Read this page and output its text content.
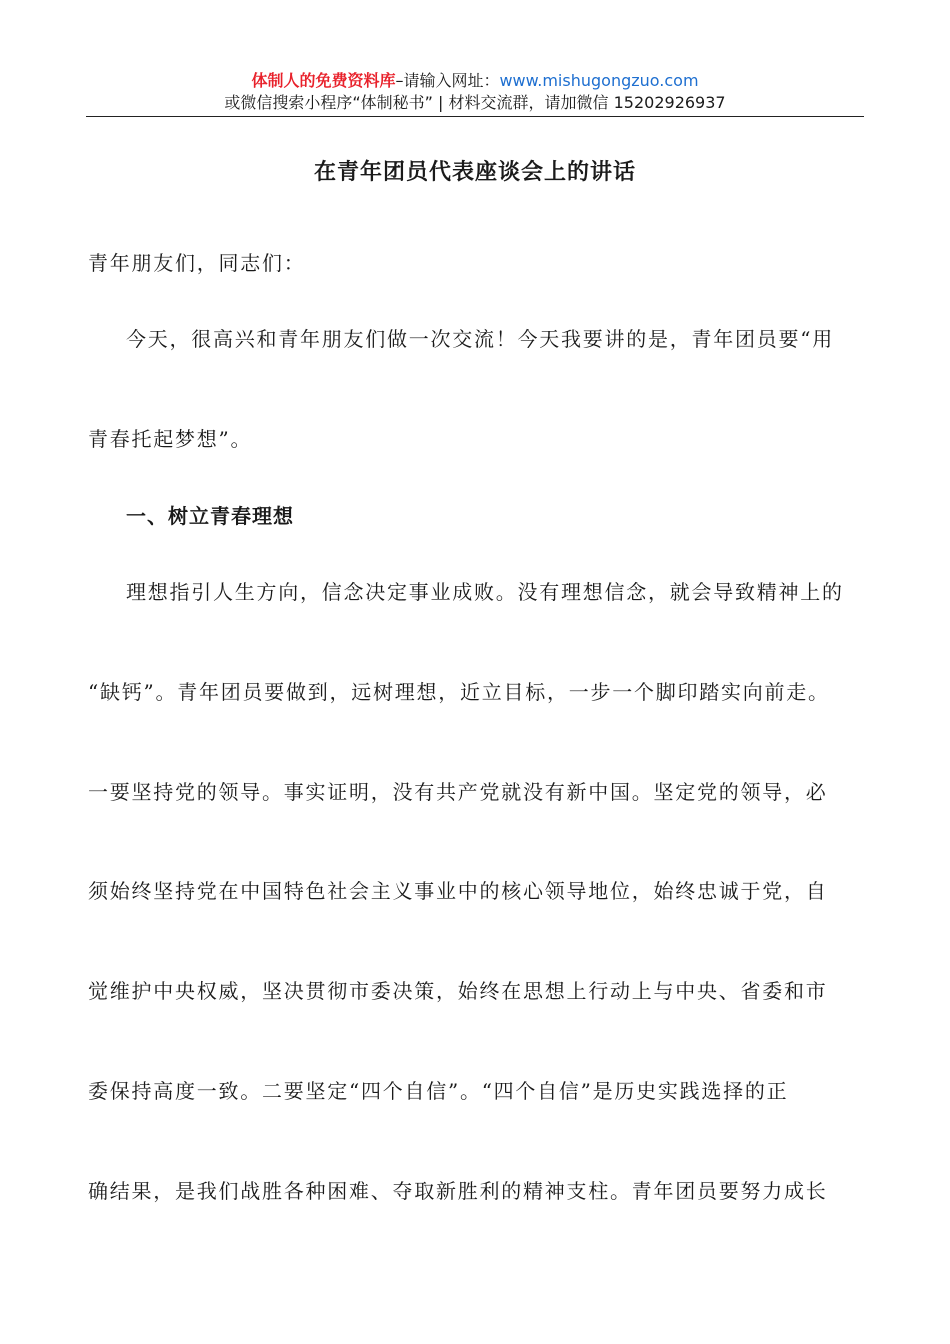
体制人的免费资料库–请输入网址：www.mishugongzuo.com
或微信搜索小程序“体制秘书” | 材料交流群，请加微信 15202926937
在青年团员代表座谈会上的讲话
青年朋友们，同志们：
今天，很高兴和青年朋友们做一次交流！今天我要讲的是，青年团员要“用
青春托起梦想”。
一、树立青春理想
理想指引人生方向，信念决定事业成败。没有理想信念，就会导致精神上的
“缺钙”。青年团员要做到，远树理想，近立目标，一步一个脚印踏实向前走。
一要坚持党的领导。事实证明，没有共产党就没有新中国。坚定党的领导，必
须始终坚持党在中国特色社会主义事业中的核心领导地位，始终忠诚于党，自
觉维护中央权威，坚决贯彻市委决策，始终在思想上行动上与中央、省委和市
委保持高度一致。二要坚定“四个自信”。“四个自信”是历史实践选择的正
确结果，是我们战胜各种困难、夺取新胜利的精神支柱。青年团员要努力成长
